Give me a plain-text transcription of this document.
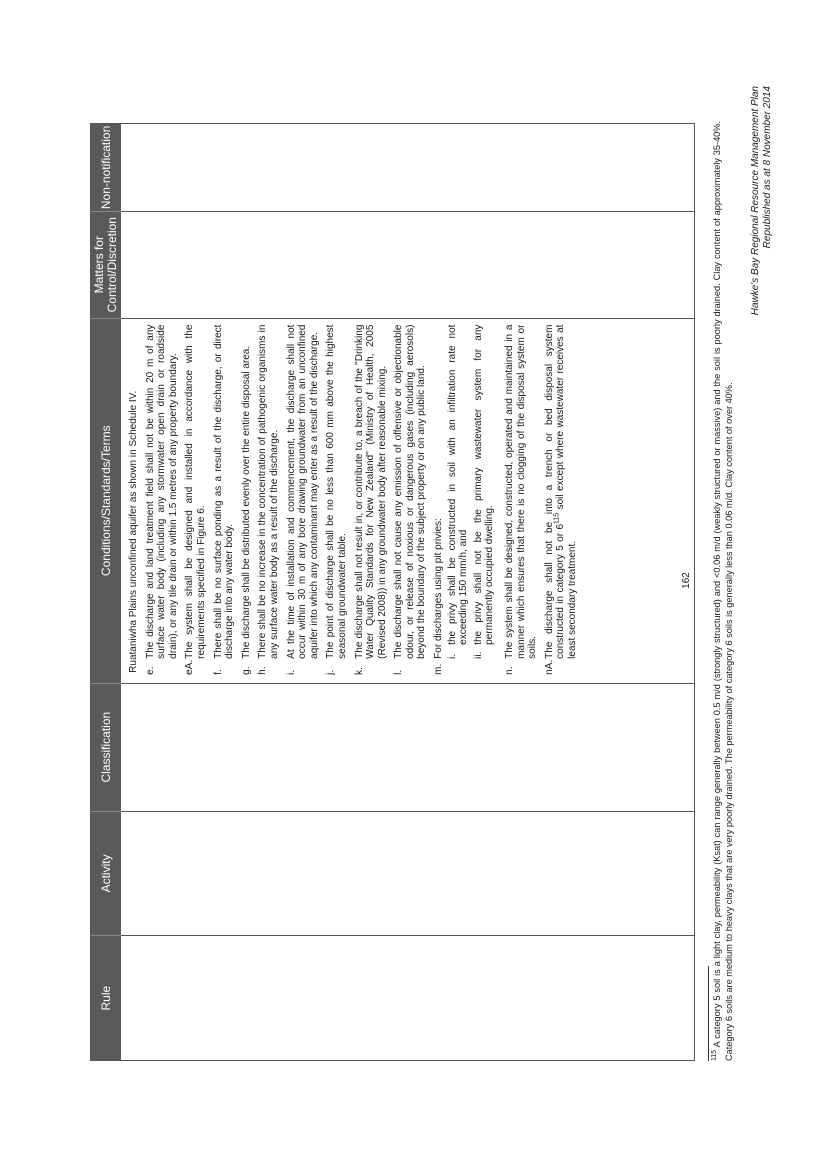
Rule
Activity
Classification
Conditions/Standards/Terms
Matters for Control/Discretion
Non-notification
Ruataniwha Plains unconfined aquifer as shown in Schedule IV. e.
The discharge and land treatment field shall not be within 20 m of any surface water body (including any stormwater open drain or roadside drain), or any tile drain or within 1.5 metres of any property boundary.
eA.
The system shall be designed and installed in accordance with the requirements specified in Figure 6.
f.
There shall be no surface ponding as a result of the discharge, or direct discharge into any water body.
g.
The discharge shall be distributed evenly over the entire disposal area.
h.
There shall be no increase in the concentration of pathogenic organisms in any surface water body as a result of the discharge.
i.
At the time of installation and commencement, the discharge shall not occur within 30 m of any bore drawing groundwater from an unconfined aquifer into which any contaminant may enter as a result of the discharge.
j.
The point of discharge shall be no less than 600 mm above the highest seasonal groundwater table.
k.
The discharge shall not result in, or contribute to, a breach of the "Drinking Water Quality Standards for New Zealand" (Ministry of Health, 2005 (Revised 2008)) in any groundwater body after reasonable mixing.
l.
The discharge shall not cause any emission of offensive or objectionable odour, or release of noxious or dangerous gases (including aerosols) beyond the boundary of the subject property or on any public land.
m.
For discharges using pit privies: i.
the privy shall be constructed in soil with an infiltration rate not exceeding 150 mm/h, and
ii.
the privy shall not be the primary wastewater system for any permanently occupied dwelling.
n.
The system shall be designed, constructed, operated and maintained in a manner which ensures that there is no clogging of the disposal system or soils.
nA.
The discharge shall not be into a trench or bed disposal system constructed in category 5 or $6^{115}$ soil except where wastewater receives at least secondary treatment.	162
$^{115}$ A category 5 soil is a light clay, permeability (Ksat) can range generally between 0.5 m/d (strongly structured) and <0.06 m/d (weakly structured or massive) and the soil is poorly drained. Clay content of approximately 35-40%. Category 6 soils are medium to heavy clays that are very poorly drained. The permeability of category 6 soils is generally less than 0.06 m/d. Clay content of over 40%.
Hawke's Bay Regional Resource Management Plan Republished as at 8 November 2014
